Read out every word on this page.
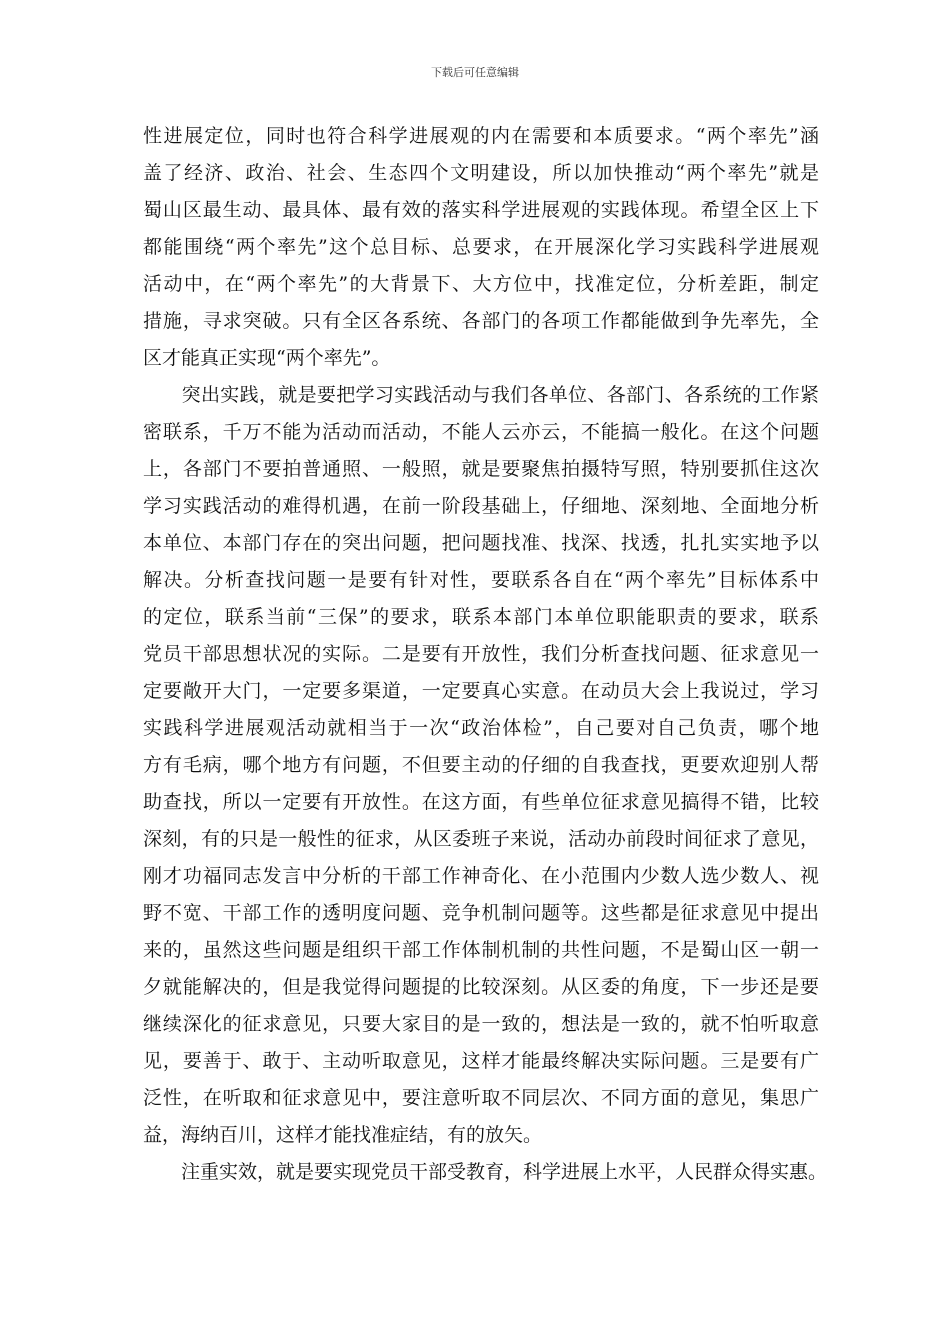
下载后可任意编辑
性进展定位，同时也符合科学进展观的内在需要和本质要求。“两个率先”涵
盖了经济、政治、社会、生态四个文明建设，所以加快推动“两个率先”就是
蜀山区最生动、最具体、最有效的落实科学进展观的实践体现。希望全区上下
都能围绕“两个率先”这个总目标、总要求，在开展深化学习实践科学进展观
活动中，在“两个率先”的大背景下、大方位中，找准定位，分析差距，制定
措施，寻求突破。只有全区各系统、各部门的各项工作都能做到争先率先，全
区才能真正实现“两个率先”。
　　突出实践，就是要把学习实践活动与我们各单位、各部门、各系统的工作紧
密联系，千万不能为活动而活动，不能人云亦云，不能搞一般化。在这个问题
上，各部门不要拍普通照、一般照，就是要聚焦拍摄特写照，特别要抓住这次
学习实践活动的难得机遇，在前一阶段基础上，仔细地、深刻地、全面地分析
本单位、本部门存在的突出问题，把问题找准、找深、找透，扎扎实实地予以
解决。分析查找问题一是要有针对性，要联系各自在“两个率先”目标体系中
的定位，联系当前“三保”的要求，联系本部门本单位职能职责的要求，联系
党员干部思想状况的实际。二是要有开放性，我们分析查找问题、征求意见一
定要敞开大门，一定要多渠道，一定要真心实意。在动员大会上我说过，学习
实践科学进展观活动就相当于一次“政治体检”，自己要对自己负责，哪个地
方有毛病，哪个地方有问题，不但要主动的仔细的自我查找，更要欢迎别人帮
助查找，所以一定要有开放性。在这方面，有些单位征求意见搞得不错，比较
深刻，有的只是一般性的征求，从区委班子来说，活动办前段时间征求了意见，
刚才功福同志发言中分析的干部工作神奇化、在小范围内少数人选少数人、视
野不宽、干部工作的透明度问题、竞争机制问题等。这些都是征求意见中提出
来的，虽然这些问题是组织干部工作体制机制的共性问题，不是蜀山区一朝一
夕就能解决的，但是我觉得问题提的比较深刻。从区委的角度，下一步还是要
继续深化的征求意见，只要大家目的是一致的，想法是一致的，就不怕听取意
见，要善于、敢于、主动听取意见，这样才能最终解决实际问题。三是要有广
泛性，在听取和征求意见中，要注意听取不同层次、不同方面的意见，集思广
益，海纳百川，这样才能找准症结，有的放矢。
　　注重实效，就是要实现党员干部受教育，科学进展上水平，人民群众得实惠。
